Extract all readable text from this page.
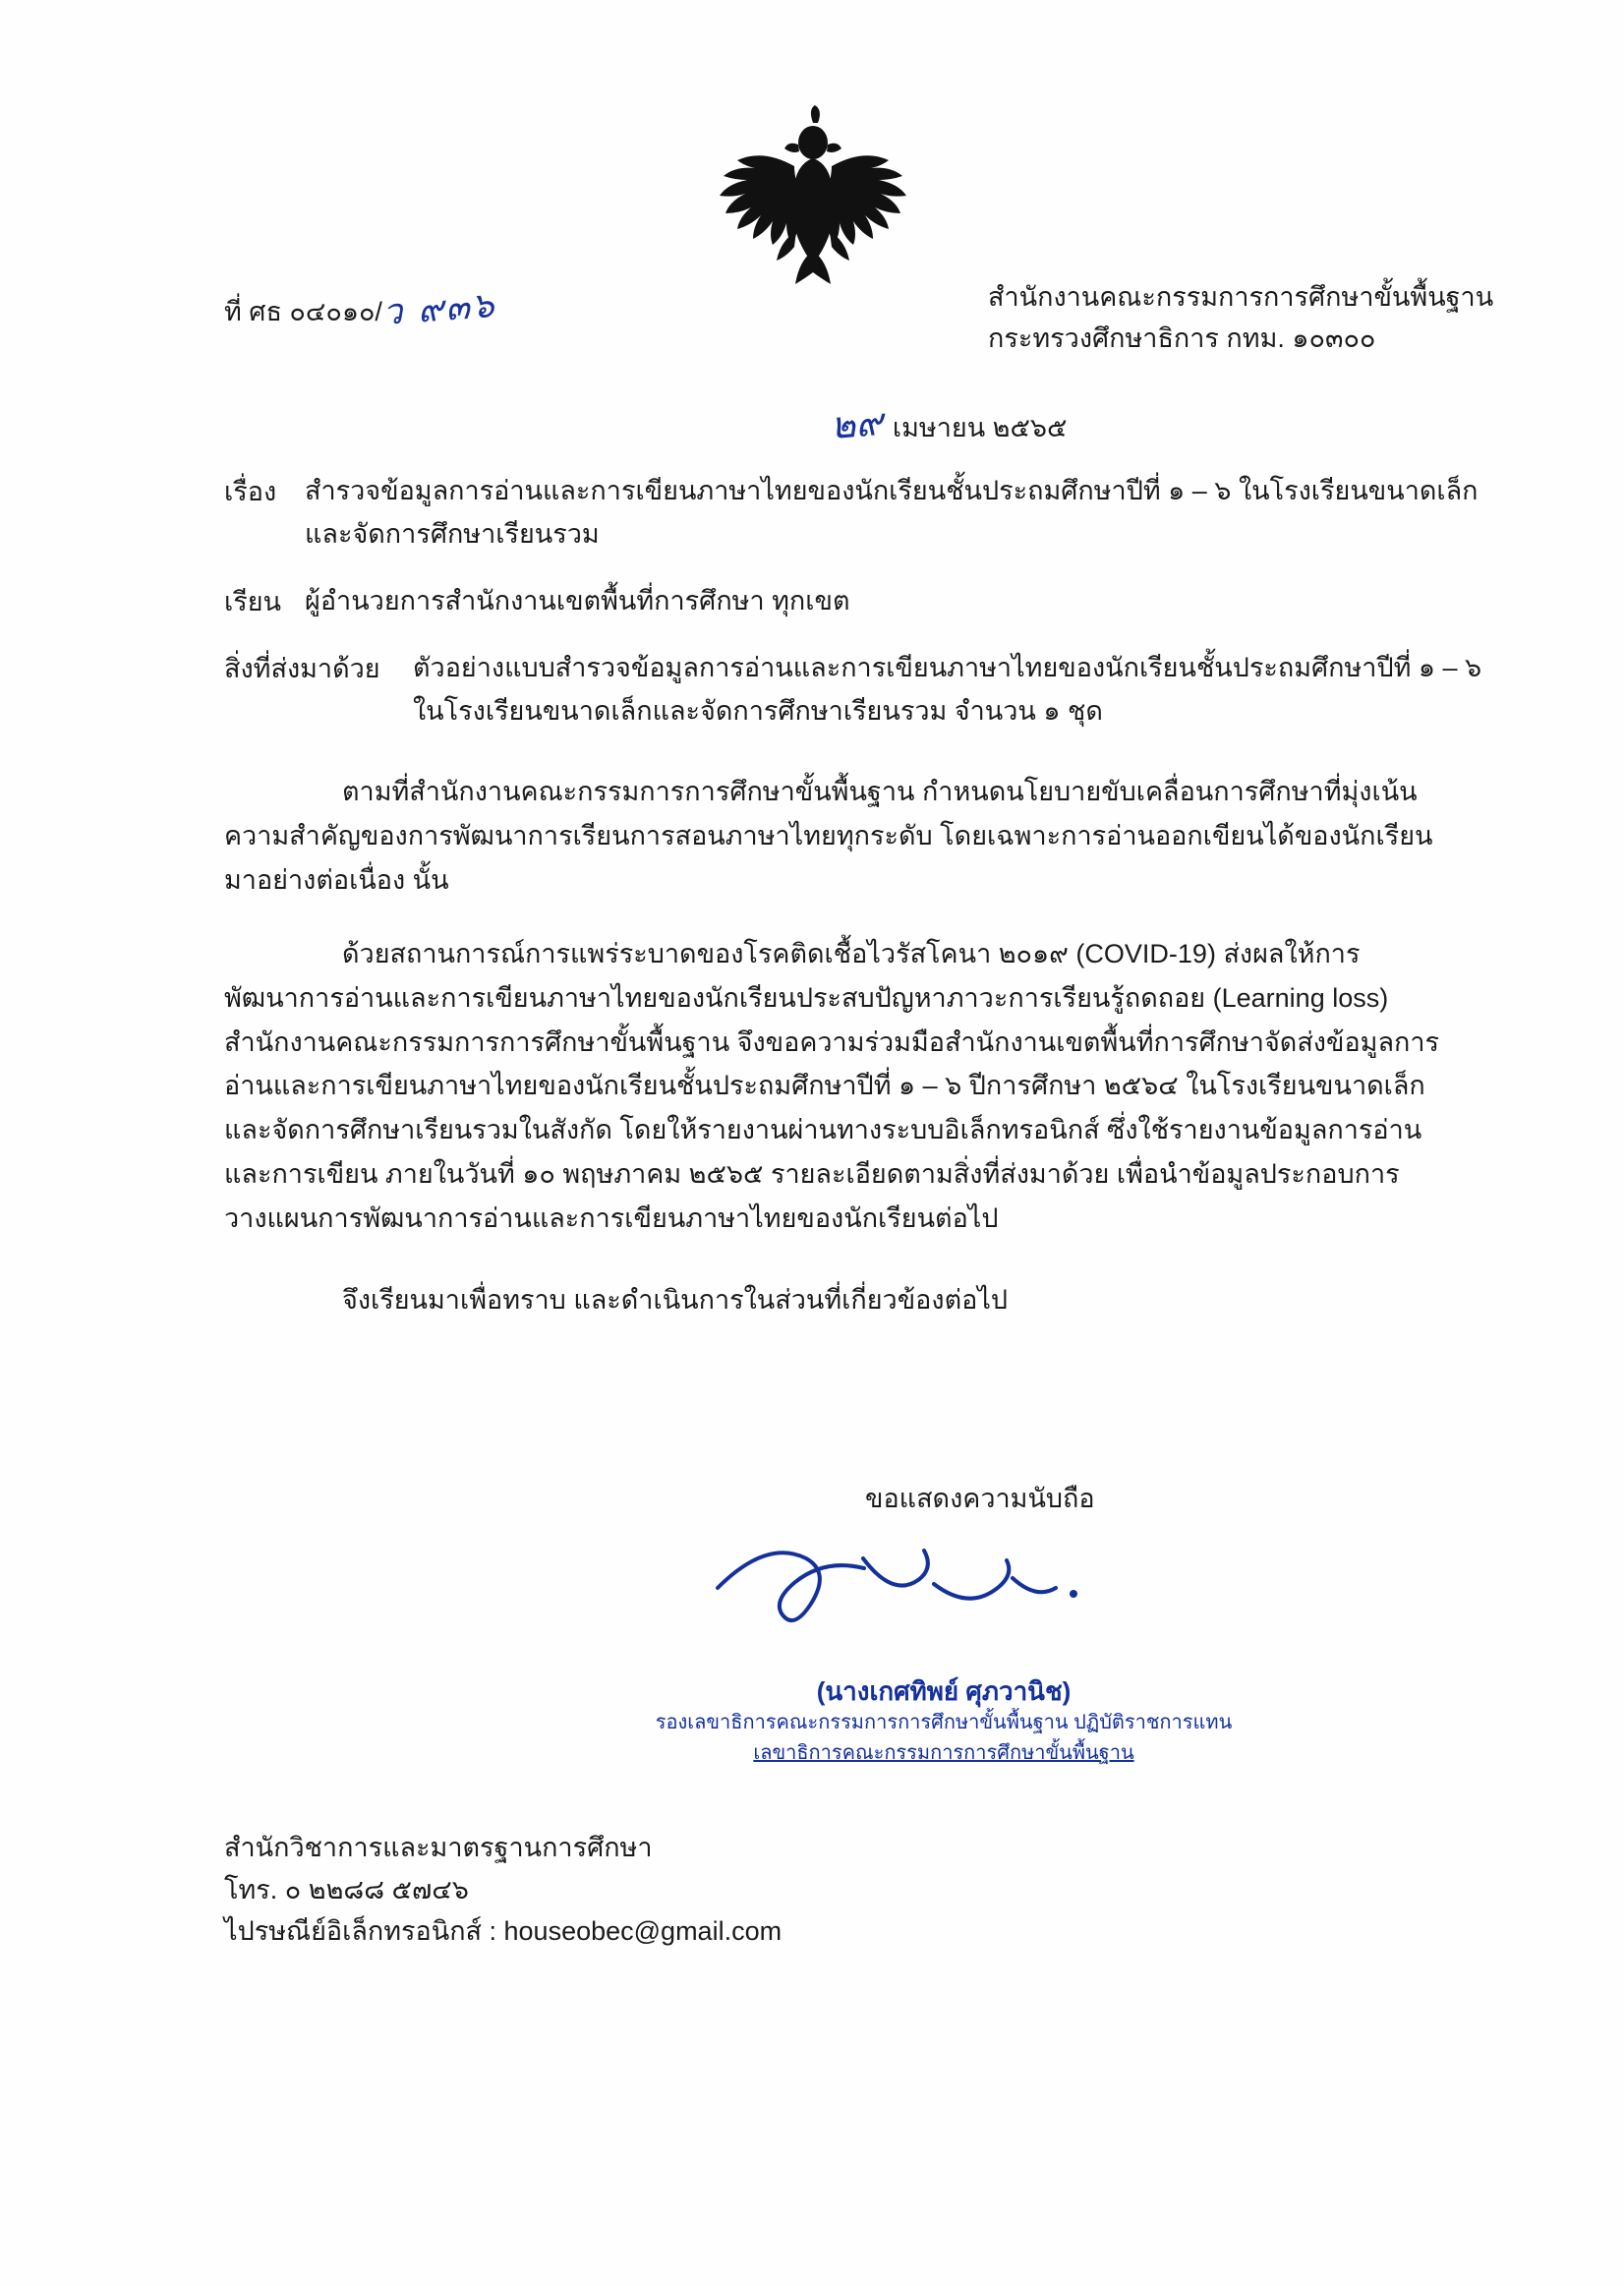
ที่ ศธ ๐๔๐๑๐/ว ๙๓๖	สำนักงานคณะกรรมการการศึกษาขั้นพื้นฐาน
กระทรวงศึกษาธิการ กทม. ๑๐๓๐๐
๒๙ เมษายน ๒๕๖๕
เรื่อง สำรวจข้อมูลการอ่านและการเขียนภาษาไทยของนักเรียนชั้นประถมศึกษาปีที่ ๑ – ๖ ในโรงเรียนขนาดเล็ก
และจัดการศึกษาเรียนรวม
เรียน ผู้อำนวยการสำนักงานเขตพื้นที่การศึกษา ทุกเขต
สิ่งที่ส่งมาด้วย ตัวอย่างแบบสำรวจข้อมูลการอ่านและการเขียนภาษาไทยของนักเรียนชั้นประถมศึกษาปีที่ ๑ – ๖
ในโรงเรียนขนาดเล็กและจัดการศึกษาเรียนรวม จำนวน ๑ ชุด
ตามที่สำนักงานคณะกรรมการการศึกษาขั้นพื้นฐาน กำหนดนโยบายขับเคลื่อนการศึกษาที่มุ่งเน้นความสำคัญของการพัฒนาการเรียนการสอนภาษาไทยทุกระดับ โดยเฉพาะการอ่านออกเขียนได้ของนักเรียนมาอย่างต่อเนื่อง นั้น
ด้วยสถานการณ์การแพร่ระบาดของโรคติดเชื้อไวรัสโคนา ๒๐๑๙ (COVID-19) ส่งผลให้การพัฒนาการอ่านและการเขียนภาษาไทยของนักเรียนประสบปัญหาภาวะการเรียนรู้ถดถอย (Learning loss) สำนักงานคณะกรรมการการศึกษาขั้นพื้นฐาน จึงขอความร่วมมือสำนักงานเขตพื้นที่การศึกษาจัดส่งข้อมูลการอ่านและการเขียนภาษาไทยของนักเรียนชั้นประถมศึกษาปีที่ ๑ – ๖ ปีการศึกษา ๒๕๖๔ ในโรงเรียนขนาดเล็กและจัดการศึกษาเรียนรวมในสังกัด โดยให้รายงานผ่านทางระบบอิเล็กทรอนิกส์ ซึ่งใช้รายงานข้อมูลการอ่านและการเขียน ภายในวันที่ ๑๐ พฤษภาคม ๒๕๖๕ รายละเอียดตามสิ่งที่ส่งมาด้วย เพื่อนำข้อมูลประกอบการวางแผนการพัฒนาการอ่านและการเขียนภาษาไทยของนักเรียนต่อไป
จึงเรียนมาเพื่อทราบ และดำเนินการในส่วนที่เกี่ยวข้องต่อไป
ขอแสดงความนับถือ
(นางเกศทิพย์ ศุภวานิช)
รองเลขาธิการคณะกรรมการการศึกษาขั้นพื้นฐาน ปฏิบัติราชการแทน
เลขาธิการคณะกรรมการการศึกษาขั้นพื้นฐาน
สำนักวิชาการและมาตรฐานการศึกษา
โทร. ๐ ๒๒๘๘ ๕๗๔๖
ไปรษณีย์อิเล็กทรอนิกส์ : houseobec@gmail.com
